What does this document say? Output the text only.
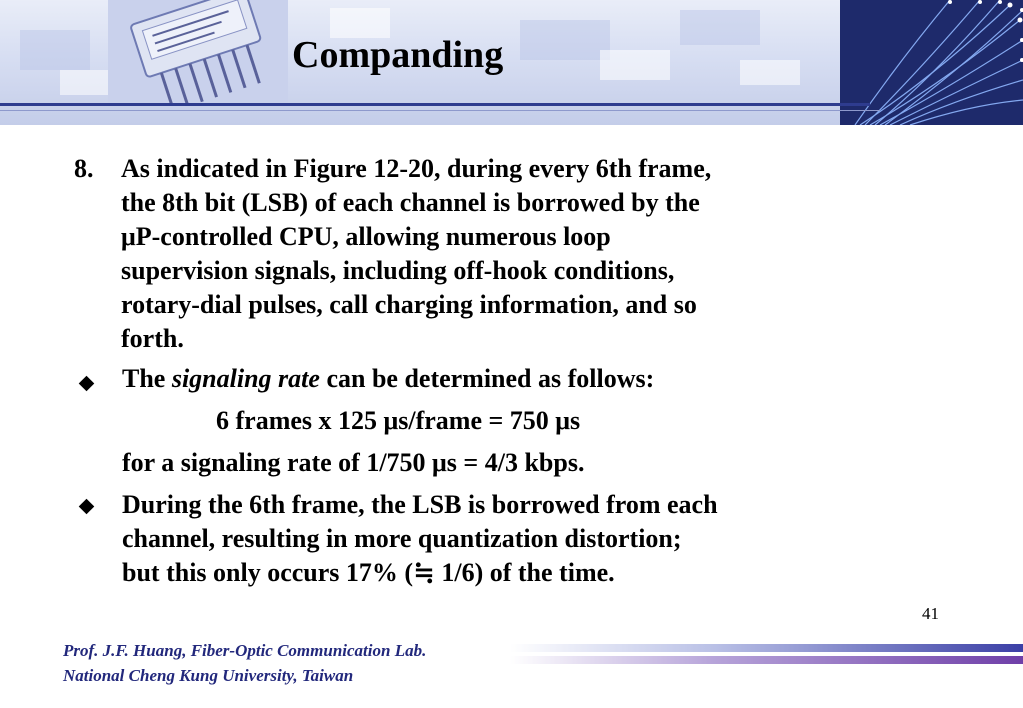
Companding
8. As indicated in Figure 12-20, during every 6th frame,
the 8th bit (LSB) of each channel is borrowed by the
μP-controlled CPU, allowing numerous loop
supervision signals, including off-hook conditions,
rotary-dial pulses, call charging information, and so
forth.
The signaling rate can be determined as follows:
6 frames x 125 μs/frame = 750 μs
for a signaling rate of 1/750 μs = 4/3 kbps.
During the 6th frame, the LSB is borrowed from each
channel, resulting in more quantization distortion;
but this only occurs 17% (≒ 1/6) of the time.
41
Prof. J.F. Huang, Fiber-Optic Communication Lab.
National Cheng Kung University, Taiwan
